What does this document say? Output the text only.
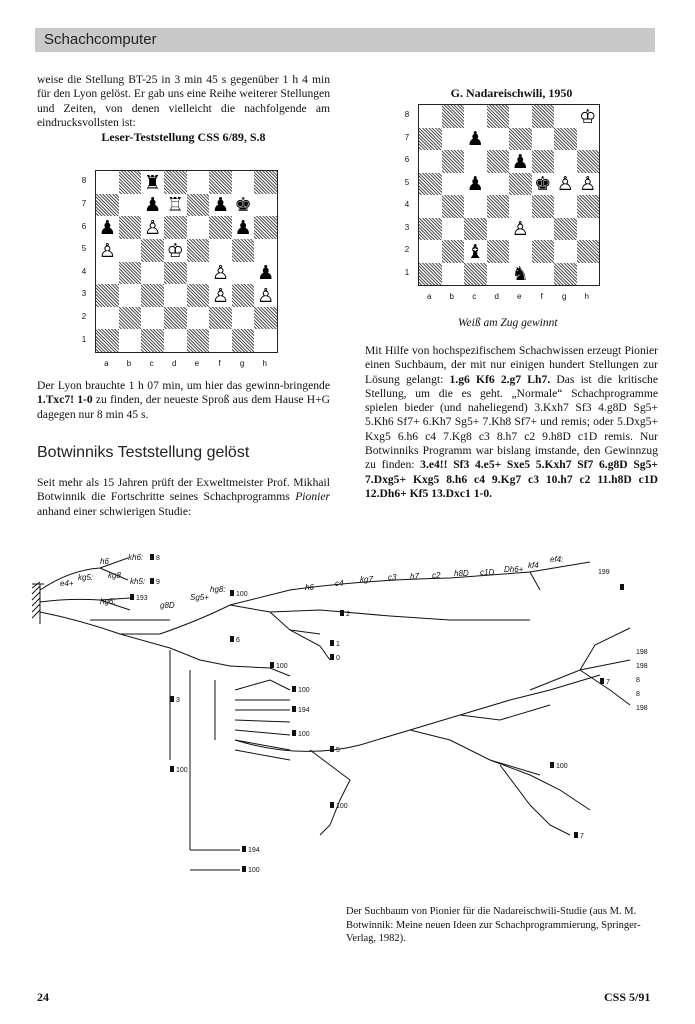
Schachcomputer

weise die Stellung BT-25 in 3 min 45 s gegenüber 1 h 4 min für den Lyon gelöst. Er gab uns eine Reihe weiterer Stellungen und Zeiten, von denen vielleicht die nachfolgende am eindrucksvollsten ist:

Leser-Teststellung CSS 6/89, S.8
♜
♟ ♖ ♟ ♚
♟ ♙	♟
♙	♔
♙ ♟
♙ ♙

Der Lyon brauchte 1 h 07 min, um hier das gewinn-bringende 1.Txc7! 1-0 zu finden, der neueste Sproß aus dem Hause H+G dagegen nur 8 min 45 s.

Botwinniks Teststellung gelöst

Seit mehr als 15 Jahren prüft der Exweltmeister Prof. Mikhail Botwinnik die Fortschritte seines Schachprogramms Pionier anhand einer schwierigen Studie:

G. Nadareischwili, 1950
♔
♟
♟
♟	♚ ♙ ♙
♙
♝
♞
Weiß am Zug gewinnt

Mit Hilfe von hochspezifischem Schachwissen erzeugt Pionier einen Suchbaum, der mit nur einigen hundert Stellungen zur Lösung gelangt: 1.g6 Kf6 2.g7 Lh7. Das ist die kritische Stellung, um die es geht. „Normale“ Schachprogramme spielen bieder (und naheliegend) 3.Kxh7 Sf3 4.g8D Sg5+ 5.Kh6 Sf7+ 6.Kh7 Sg5+ 7.Kh8 Sf7+ und remis; oder 5.Dxg5+ Kxg5 6.h6 c4 7.Kg8 c3 8.h7 c2 9.h8D c1D remis. Nur Botwinniks Programm war bislang imstande, den Gewinnzug zu finden: 3.e4!! Sf3 4.e5+ Sxe5 5.Kxh7 Sf7 6.g8D Sg5+ 7.Dxg5+ Kxg5 8.h6 c4 9.Kg7 c3 10.h7 c2 11.h8D c1D 12.Dh6+ Kf5 13.Dxc1 1-0.

e4+
kg5:
h6
kg8
kh6:
kh5:
hg6:	g8D
Sg5+
hg8:	h6	c4 kg7 c3 h7 c2 h8D c1D Dh6+ kf4
ef4:
8
9
193
100
6
100
2
0
1
100
194
3
100
100
5
100
194
100
198
198
8
8
198
7
100
7
199
Der Suchbaum von Pionier für die Nadareischwili-Studie (aus M. M. Botwinnik: Meine neuen Ideen zur Schachprogrammierung, Springer-Verlag, 1982).
24	CSS 5/91
8
7
6
5
4
3
2
1
a	b	c	d	e	f	g	h
8
7
6
5
4
3
2
1
a	b	c	d	e	f	g	h
